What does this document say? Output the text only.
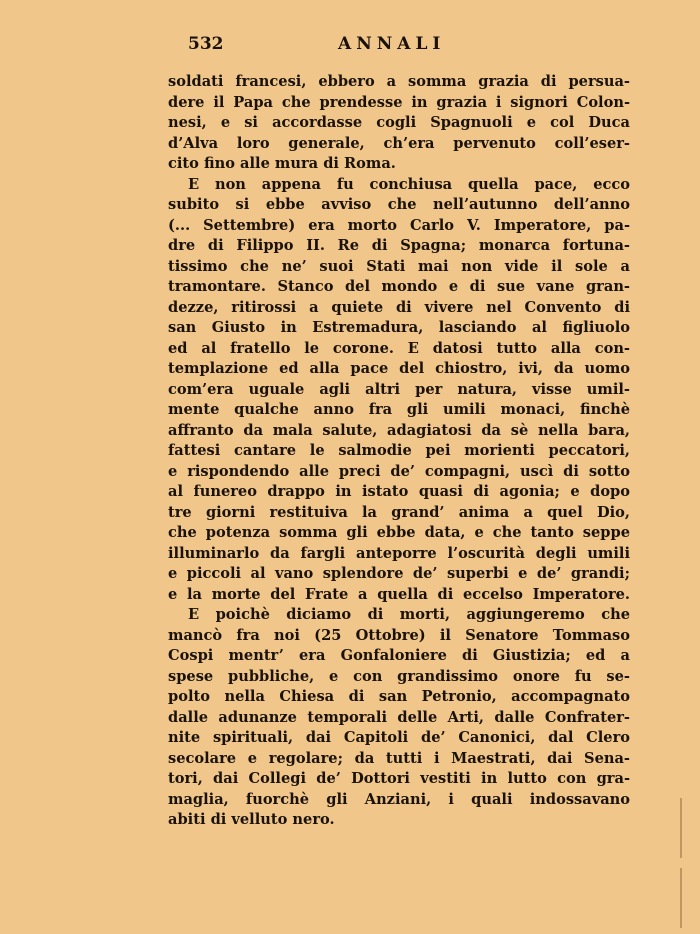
532	ANNALI
soldati francesi, ebbero a somma grazia di persua-
dere il Papa che prendesse in grazia i signori Colon-
nesi, e si accordasse cogli Spagnuoli e col Duca
d’Alva loro generale, ch’era pervenuto coll’eser-
cito fino alle mura di Roma.
E non appena fu conchiusa quella pace, ecco
subito si ebbe avviso che nell’autunno dell’anno
(... Settembre) era morto Carlo V. Imperatore, pa-
dre di Filippo II. Re di Spagna; monarca fortuna-
tissimo che ne’ suoi Stati mai non vide il sole a
tramontare. Stanco del mondo e di sue vane gran-
dezze, ritirossi a quiete di vivere nel Convento di
san Giusto in Estremadura, lasciando al figliuolo
ed al fratello le corone. E datosi tutto alla con-
templazione ed alla pace del chiostro, ivi, da uomo
com’era uguale agli altri per natura, visse umil-
mente qualche anno fra gli umili monaci, finchè
affranto da mala salute, adagiatosi da sè nella bara,
fattesi cantare le salmodie pei morienti peccatori,
e rispondendo alle preci de’ compagni, uscì di sotto
al funereo drappo in istato quasi di agonia; e dopo
tre giorni restituiva la grand’ anima a quel Dio,
che potenza somma gli ebbe data, e che tanto seppe
illuminarlo da fargli anteporre l’oscurità degli umili
e piccoli al vano splendore de’ superbi e de’ grandi;
e la morte del Frate a quella di eccelso Imperatore.
E poichè diciamo di morti, aggiungeremo che
mancò fra noi (25 Ottobre) il Senatore Tommaso
Cospi mentr’ era Gonfaloniere di Giustizia; ed a
spese pubbliche, e con grandissimo onore fu se-
polto nella Chiesa di san Petronio, accompagnato
dalle adunanze temporali delle Arti, dalle Confrater-
nite spirituali, dai Capitoli de’ Canonici, dal Clero
secolare e regolare; da tutti i Maestrati, dai Sena-
tori, dai Collegi de’ Dottori vestiti in lutto con gra-
maglia, fuorchè gli Anziani, i quali indossavano
abiti di velluto nero.
